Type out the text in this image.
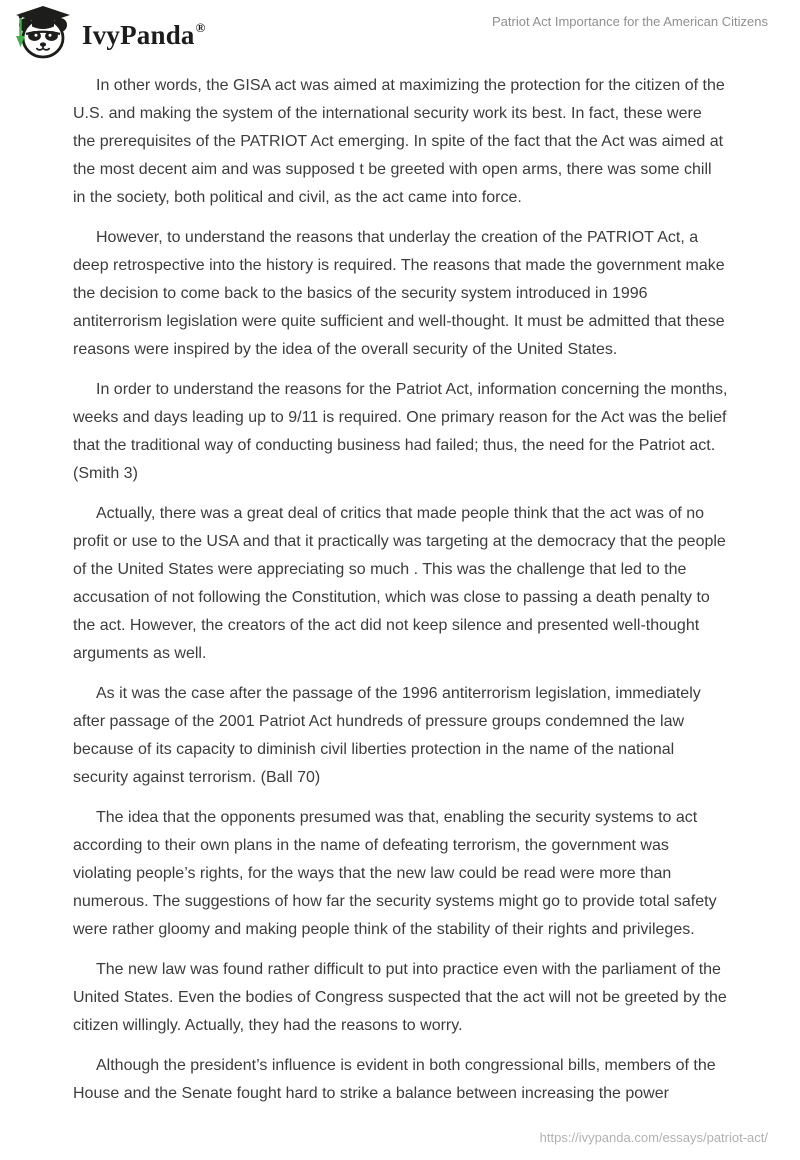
IvyPanda®	Patriot Act Importance for the American Citizens

In other words, the GISA act was aimed at maximizing the protection for the citizen of the U.S. and making the system of the international security work its best. In fact, these were the prerequisites of the PATRIOT Act emerging. In spite of the fact that the Act was aimed at the most decent aim and was supposed t be greeted with open arms, there was some chill in the society, both political and civil, as the act came into force.

However, to understand the reasons that underlay the creation of the PATRIOT Act, a deep retrospective into the history is required. The reasons that made the government make the decision to come back to the basics of the security system introduced in 1996 antiterrorism legislation were quite sufficient and well-thought. It must be admitted that these reasons were inspired by the idea of the overall security of the United States.

In order to understand the reasons for the Patriot Act, information concerning the months, weeks and days leading up to 9/11 is required. One primary reason for the Act was the belief that the traditional way of conducting business had failed; thus, the need for the Patriot act. (Smith 3)

Actually, there was a great deal of critics that made people think that the act was of no profit or use to the USA and that it practically was targeting at the democracy that the people of the United States were appreciating so much . This was the challenge that led to the accusation of not following the Constitution, which was close to passing a death penalty to the act. However, the creators of the act did not keep silence and presented well-thought arguments as well.

As it was the case after the passage of the 1996 antiterrorism legislation, immediately after passage of the 2001 Patriot Act hundreds of pressure groups condemned the law because of its capacity to diminish civil liberties protection in the name of the national security against terrorism. (Ball 70)

The idea that the opponents presumed was that, enabling the security systems to act according to their own plans in the name of defeating terrorism, the government was violating people’s rights, for the ways that the new law could be read were more than numerous. The suggestions of how far the security systems might go to provide total safety were rather gloomy and making people think of the stability of their rights and privileges.

The new law was found rather difficult to put into practice even with the parliament of the United States. Even the bodies of Congress suspected that the act will not be greeted by the citizen willingly. Actually, they had the reasons to worry.

Although the president’s influence is evident in both congressional bills, members of the House and the Senate fought hard to strike a balance between increasing the power

https://ivypanda.com/essays/patriot-act/
